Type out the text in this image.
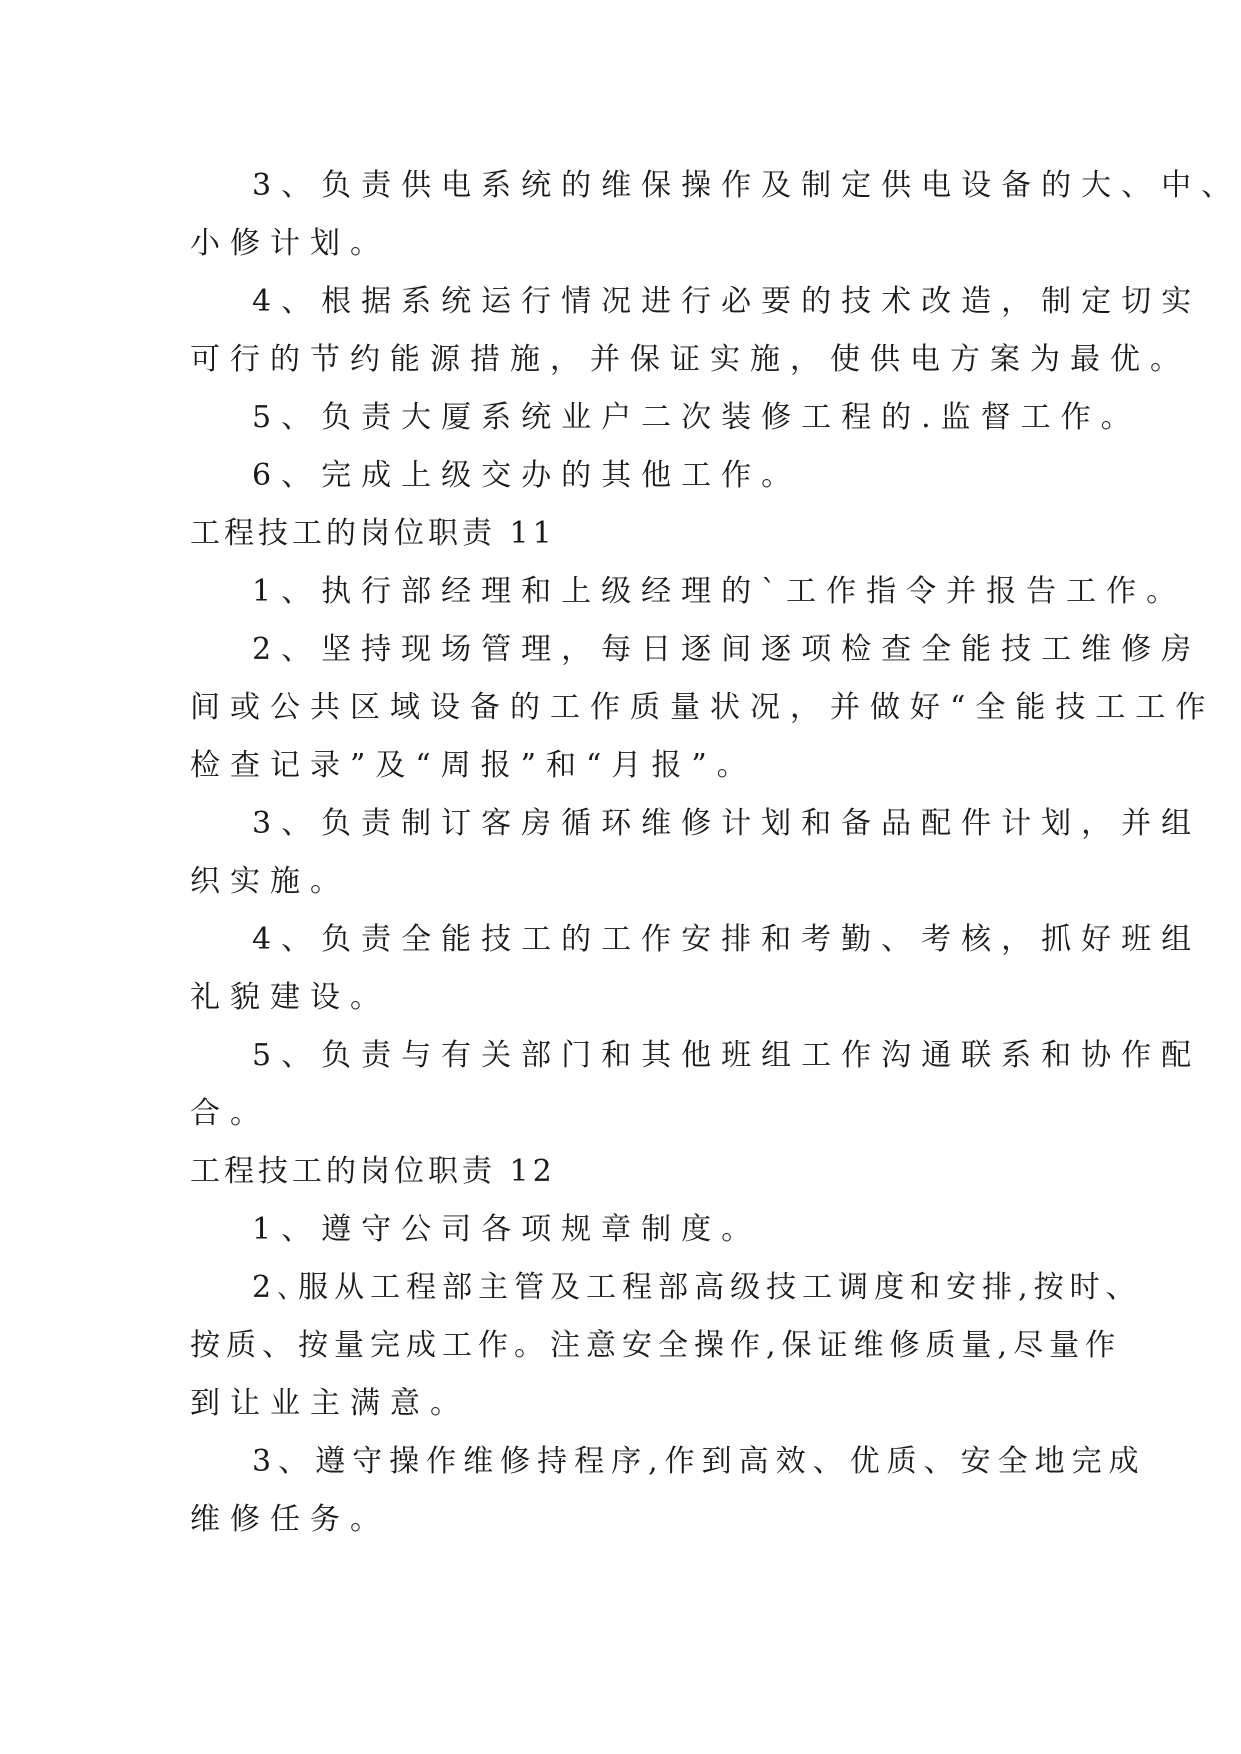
3、负责供电系统的维保操作及制定供电设备的大、中、
小修计划。
4、根据系统运行情况进行必要的技术改造，制定切实
可行的节约能源措施，并保证实施，使供电方案为最优。
5、负责大厦系统业户二次装修工程的.监督工作。
6、完成上级交办的其他工作。
工程技工的岗位职责 11
1、执行部经理和上级经理的`工作指令并报告工作。
2、坚持现场管理，每日逐间逐项检查全能技工维修房
间或公共区域设备的工作质量状况，并做好“全能技工工作
检查记录”及“周报”和“月报”。
3、负责制订客房循环维修计划和备品配件计划，并组
织实施。
4、负责全能技工的工作安排和考勤、考核，抓好班组
礼貌建设。
5、负责与有关部门和其他班组工作沟通联系和协作配
合。
工程技工的岗位职责 12
1、遵守公司各项规章制度。
2､服从工程部主管及工程部高级技工调度和安排,按时、
按质、按量完成工作。注意安全操作,保证维修质量,尽量作
到让业主满意。
3、遵守操作维修持程序,作到高效、优质、安全地完成
维修任务。
